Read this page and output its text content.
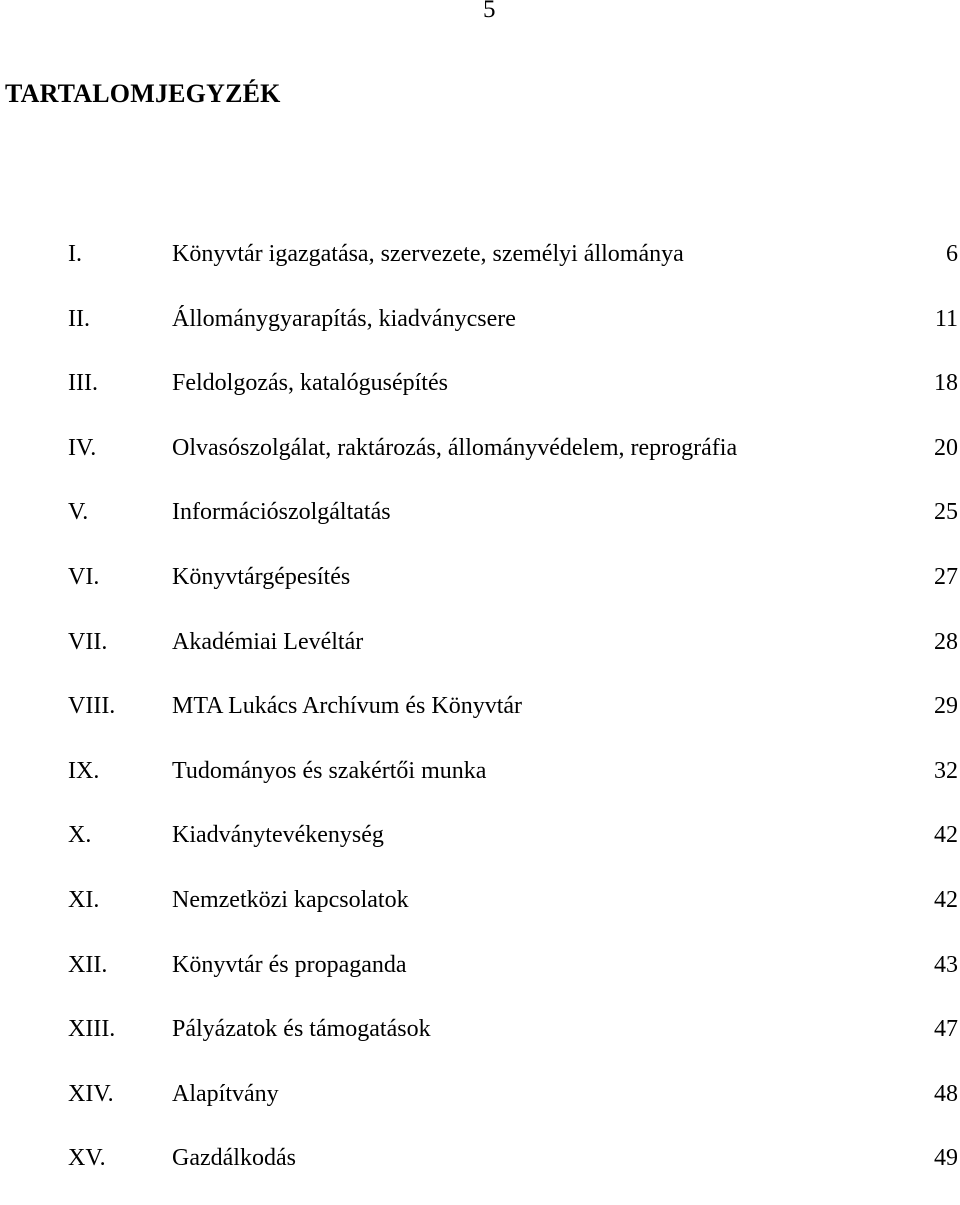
5
TARTALOMJEGYZÉK
I.	Könyvtár igazgatása, szervezete, személyi állománya	6
II.	Állománygyarapítás, kiadványcsere	11
III.	Feldolgozás, katalógusépítés	18
IV.	Olvasószolgálat, raktározás, állományvédelem, reprográfia	20
V.	Információszolgáltatás	25
VI.	Könyvtárgépesítés	27
VII.	Akadémiai Levéltár	28
VIII. MTA Lukács Archívum és Könyvtár	29
IX.	Tudományos és szakértői munka	32
X.	Kiadványtevékenység	42
XI.	Nemzetközi kapcsolatok	42
XII.	Könyvtár és propaganda	43
XIII. Pályázatok és támogatások	47
XIV. Alapítvány	48
XV.	Gazdálkodás	49
